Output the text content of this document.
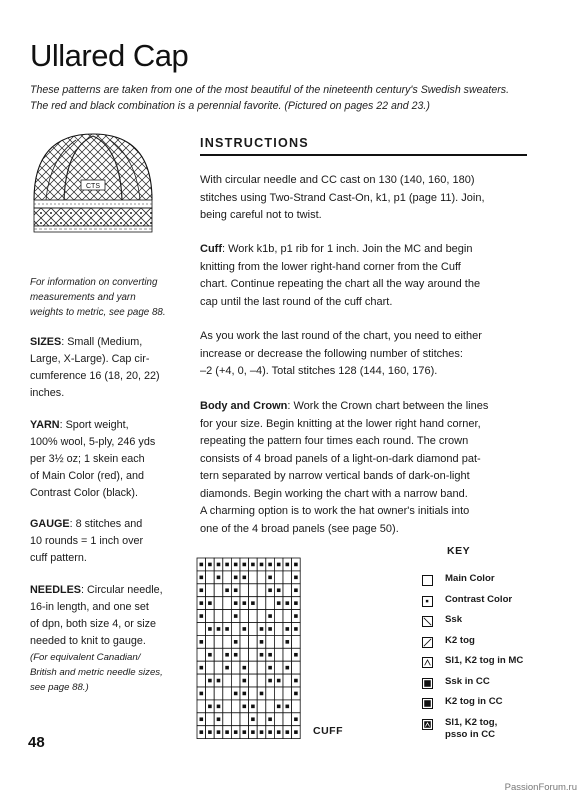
Ullared Cap

These patterns are taken from one of the most beautiful of the nineteenth century's Swedish sweaters.

The red and black combination is a perennial favorite. (Pictured on pages 22 and 23.)

CTS
For information on converting
measurements and yarn
weights to metric, see page 88.
SIZES: Small (Medium,
Large, X-Large). Cap cir-
cumference 16 (18, 20, 22)
inches.
YARN: Sport weight,
100% wool, 5-ply, 246 yds
per 3½ oz; 1 skein each
of Main Color (red), and
Contrast Color (black).
GAUGE: 8 stitches and
10 rounds = 1 inch over
cuff pattern.
NEEDLES: Circular needle,
16-in length, and one set
of dpn, both size 4, or size
needed to knit to gauge.
(For equivalent Canadian/
British and metric needle sizes,
see page 88.)
48
INSTRUCTIONS
With circular needle and CC cast on 130 (140, 160, 180)
stitches using Two-Strand Cast-On, k1, p1 (page 11). Join,
being careful not to twist.
Cuff: Work k1b, p1 rib for 1 inch. Join the MC and begin
knitting from the lower right-hand corner from the Cuff
chart. Continue repeating the chart all the way around the
cap until the last round of the cuff chart.
As you work the last round of the chart, you need to either
increase or decrease the following number of stitches:
–2 (+4, 0, –4). Total stitches 128 (144, 160, 176).
Body and Crown: Work the Crown chart between the lines
for your size. Begin knitting at the lower right hand corner,
repeating the pattern four times each round. The crown
consists of 4 broad panels of a light-on-dark diamond pat-
tern separated by narrow vertical bands of dark-on-light
diamonds. Begin working the chart with a narrow band.
A charming option is to work the hat owner's initials into
one of the 4 broad panels (see page 50).
CUFF
KEY
Main Color
Contrast Color
Ssk
K2 tog
Sl1, K2 tog in MC
Ssk in CC
K2 tog in CC
Sl1, K2 tog,
psso in CC
PassionForum.ru
